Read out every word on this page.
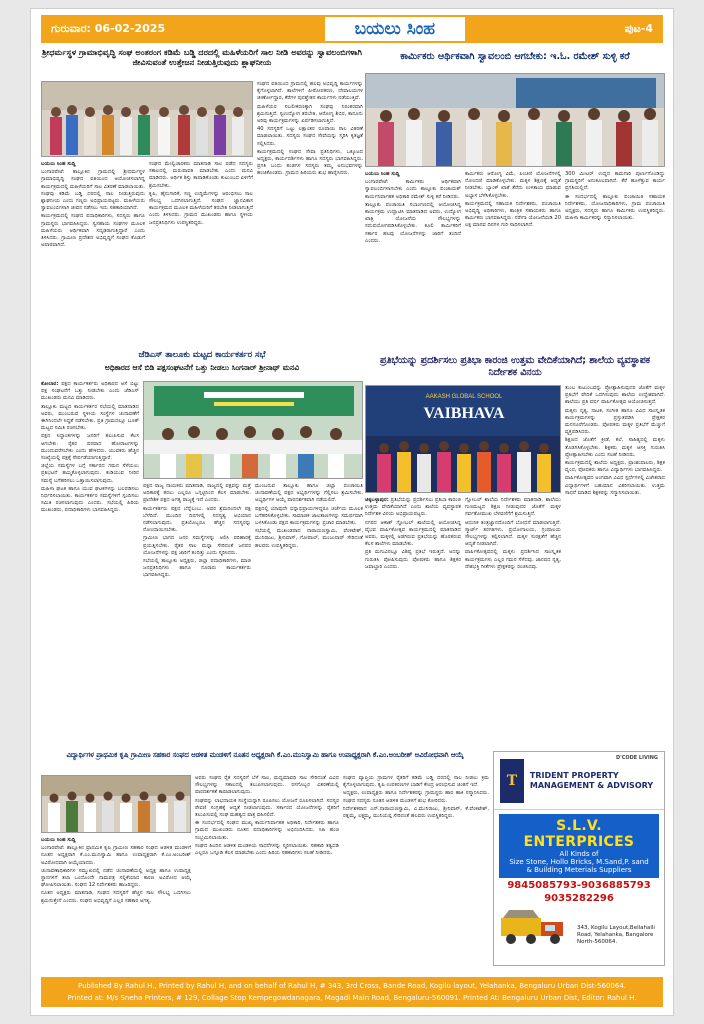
ಗುರುವಾರ: 06-02-2025	ಬಯಲು ಸಿಂಹ	ಪುಟ-4
ಶ್ರೀಧರ್ಮಸ್ಥಳ ಗ್ರಾಮಾಭಿವೃದ್ಧಿ ಸಂಘ ಅಂತರಂಗ ಕಡಿಮೆ ಬಡ್ಡಿ ದರದಲ್ಲಿ ಮಹಿಳೆಯರಿಗೆ ಸಾಲ ನೀಡಿ ಅವರನ್ನು ಸ್ವಾವಲಂಬಿಗಳಾಗಿ ಜೀವಿಸುವಂತೆ ಉತ್ತೇಜನ ನೀಡುತ್ತಿರುವುದು ಶ್ಲಾಘನೀಯ

ಬಯಲು ಸಿಂಹ ಸುದ್ದಿ

ಬಂಗಾರಪೇಟೆ: ತಾಲ್ಲೂಕಿನ ಗ್ರಾಮದಲ್ಲಿ ಶ್ರೀಧರ್ಮಸ್ಥಳ ಗ್ರಾಮಾಭಿವೃದ್ಧಿ ಸಂಘದ ವತಿಯಿಂದ ಆಯೋಜಿಸಲಾಗಿದ್ದ ಕಾರ್ಯಕ್ರಮದಲ್ಲಿ ಮಹಿಳೆಯರಿಗೆ ಸಾಲ ವಿತರಣೆ ಮಾಡಲಾಯಿತು. ಸಂಘವು ಕಡಿಮೆ ಬಡ್ಡಿ ದರದಲ್ಲಿ ಸಾಲ ನೀಡುತ್ತಿರುವುದು ಶ್ಲಾಘನೀಯ ಎಂದು ಗಣ್ಯರು ಅಭಿಪ್ರಾಯಪಟ್ಟರು. ಮಹಿಳೆಯರು ಸ್ವಾವಲಂಬಿಗಳಾಗಿ ಜೀವನ ನಡೆಸಲು ಇದು ಸಹಕಾರಿಯಾಗಿದೆ.

ಕಾರ್ಯಕ್ರಮದಲ್ಲಿ ಸಂಘದ ಪದಾಧಿಕಾರಿಗಳು, ಸದಸ್ಯರು ಹಾಗೂ ಗ್ರಾಮಸ್ಥರು ಭಾಗವಹಿಸಿದ್ದರು. ಸ್ವಸಹಾಯ ಸಂಘಗಳ ಮೂಲಕ ಮಹಿಳೆಯರು ಆರ್ಥಿಕವಾಗಿ ಸದೃಢರಾಗುತ್ತಿದ್ದಾರೆ ಎಂದು ತಿಳಿಸಿದರು. ಗ್ರಾಮೀಣ ಪ್ರದೇಶದ ಅಭಿವೃದ್ಧಿಗೆ ಸಂಘದ ಕೊಡುಗೆ ಅಪಾರವಾಗಿದೆ.

ಸಂಘದ ಮೇಲ್ವಿಚಾರಕರು ಮಾತನಾಡಿ ಸಾಲ ಪಡೆದ ಸದಸ್ಯರು ಸಕಾಲದಲ್ಲಿ ಮರುಪಾವತಿ ಮಾಡಬೇಕು ಎಂದು ಮನವಿ ಮಾಡಿದರು. ಆರ್ಥಿಕ ಶಿಸ್ತು ಕಾಪಾಡಿಕೊಂಡು ಕುಟುಂಬದ ಏಳಿಗೆಗೆ ಶ್ರಮಿಸಬೇಕು.

ಕೃಷಿ, ಹೈನುಗಾರಿಕೆ, ಸಣ್ಣ ಉದ್ದಿಮೆಗಳನ್ನು ಆರಂಭಿಸಲು ಸಾಲ ಸೌಲಭ್ಯ ಒದಗಿಸಲಾಗುತ್ತಿದೆ. ಸಂಘದ ಜ್ಞಾನವಿಕಾಸ ಕಾರ್ಯಕ್ರಮದ ಮೂಲಕ ಮಹಿಳೆಯರಿಗೆ ತರಬೇತಿ ನೀಡಲಾಗುತ್ತಿದೆ ಎಂದು ತಿಳಿಸಿದರು. ಗ್ರಾಮದ ಮುಖಂಡರು ಹಾಗೂ ಸ್ಥಳೀಯ ಜನಪ್ರತಿನಿಧಿಗಳು ಉಪಸ್ಥಿತರಿದ್ದರು.

ಸಂಘದ ವತಿಯಿಂದ ಗ್ರಾಮದಲ್ಲಿ ಹಲವು ಅಭಿವೃದ್ಧಿ ಕಾರ್ಯಗಳನ್ನು ಕೈಗೊಳ್ಳಲಾಗಿದೆ. ಶಾಲೆಗಳಿಗೆ ಪೀಠೋಪಕರಣ, ದೇವಾಲಯಗಳ ಜೀರ್ಣೋದ್ಧಾರ, ಕೆರೆಗಳ ಪುನಶ್ಚೇತನ ಕಾರ್ಯಗಳು ನಡೆಯುತ್ತಿವೆ.

ಮಹಿಳೆಯರ ಸಬಲೀಕರಣಕ್ಕಾಗಿ ಸಂಘವು ನಿರಂತರವಾಗಿ ಶ್ರಮಿಸುತ್ತಿದೆ. ಸ್ವಉದ್ಯೋಗ ತರಬೇತಿ, ಆರೋಗ್ಯ ಶಿಬಿರ, ಕಾನೂನು ಅರಿವು ಕಾರ್ಯಕ್ರಮಗಳನ್ನು ಏರ್ಪಡಿಸಲಾಗುತ್ತಿದೆ.

40 ಸದಸ್ಯರಿಗೆ ಒಟ್ಟು ಲಕ್ಷಾಂತರ ರೂಪಾಯಿ ಸಾಲ ವಿತರಣೆ ಮಾಡಲಾಯಿತು. ಸದಸ್ಯರು ಸಂಘದ ಸೇವೆಯನ್ನು ಸ್ಮರಿಸಿ ಕೃತಜ್ಞತೆ ಸಲ್ಲಿಸಿದರು.

ಕಾರ್ಯಕ್ರಮದಲ್ಲಿ ಸಂಘದ ಸೇವಾ ಪ್ರತಿನಿಧಿಗಳು, ಒಕ್ಕೂಟದ ಅಧ್ಯಕ್ಷರು, ಕಾರ್ಯದರ್ಶಿಗಳು ಹಾಗೂ ಸದಸ್ಯರು ಭಾಗವಹಿಸಿದ್ದರು. ಪ್ರಗತಿ ಬಂಧು ತಂಡಗಳ ಸದಸ್ಯರು ತಮ್ಮ ಅನುಭವಗಳನ್ನು ಹಂಚಿಕೊಂಡರು. ಗ್ರಾಮದ ಹಿರಿಯರು ಶುಭ ಹಾರೈಸಿದರು.

ಕಾರ್ಮಿಕರು ಆರ್ಥಿಕವಾಗಿ ಸ್ವಾವಲಂಬಿ ಆಗಬೇಕು: ಇ.ಓ. ರಮೇಶ್ ಸುಳ್ಳಿ ಕರೆ

ಬಯಲು ಸಿಂಹ ಸುದ್ದಿ

ಬಂಗಾರಪೇಟೆ: ಕಾರ್ಮಿಕರು ಆರ್ಥಿಕವಾಗಿ ಸ್ವಾವಲಂಬಿಗಳಾಗಬೇಕು ಎಂದು ತಾಲ್ಲೂಕು ಪಂಚಾಯತ್ ಕಾರ್ಯನಿರ್ವಾಹಕ ಅಧಿಕಾರಿ ರಮೇಶ್ ಸುಳ್ಳಿ ಕರೆ ನೀಡಿದರು.

ತಾಲ್ಲೂಕು ಪಂಚಾಯಿತಿ ಸಭಾಂಗಣದಲ್ಲಿ ಆಯೋಜಿಸಿದ್ದ ಕಾರ್ಯಕ್ರಮ ಉದ್ಘಾಟಿಸಿ ಮಾತನಾಡಿದ ಅವರು, ಉದ್ಯೋಗ ಖಾತ್ರಿ ಯೋಜನೆಯ ಸೌಲಭ್ಯಗಳನ್ನು ಸದುಪಯೋಗಪಡಿಸಿಕೊಳ್ಳಬೇಕು. ಕೂಲಿ ಕಾರ್ಮಿಕರಿಗೆ ಸರ್ಕಾರ ಹಲವು ಯೋಜನೆಗಳನ್ನು ಜಾರಿಗೆ ತಂದಿದೆ ಎಂದರು.

ಕಾರ್ಮಿಕರು ಆರೋಗ್ಯ ವಿಮೆ, ಪಿಂಚಣಿ ಯೋಜನೆಗಳಲ್ಲಿ ನೋಂದಣಿ ಮಾಡಿಕೊಳ್ಳಬೇಕು. ಮಕ್ಕಳ ಶಿಕ್ಷಣಕ್ಕೆ ಆದ್ಯತೆ ನೀಡಬೇಕು. ಬ್ಯಾಂಕ್ ಖಾತೆ ತೆರೆದು ಉಳಿತಾಯ ಮಾಡುವ ಅಭ್ಯಾಸ ಬೆಳೆಸಿಕೊಳ್ಳಬೇಕು.

ಕಾರ್ಯಕ್ರಮದಲ್ಲಿ ಸಹಾಯಕ ನಿರ್ದೇಶಕರು, ಪಂಚಾಯಿತಿ ಅಭಿವೃದ್ಧಿ ಅಧಿಕಾರಿಗಳು, ತಾಂತ್ರಿಕ ಸಹಾಯಕರು ಹಾಗೂ ಕಾರ್ಮಿಕರು ಭಾಗವಹಿಸಿದ್ದರು. ನರೇಗಾ ಯೋಜನೆಯಡಿ 20 ಲಕ್ಷ ಮಾನವ ದಿನಗಳ ಗುರಿ ಸಾಧಿಸಲಾಗಿದೆ.

300 ಮೀಟರ್ ಉದ್ದದ ಕಾಮಗಾರಿ ಪೂರ್ಣಗೊಂಡಿದ್ದು ಗ್ರಾಮಸ್ಥರಿಗೆ ಅನುಕೂಲವಾಗಿದೆ. ಕೆರೆ ಹೂಳೆತ್ತುವ ಕಾರ್ಯ ಪ್ರಗತಿಯಲ್ಲಿದೆ.

ಈ ಸಂದರ್ಭದಲ್ಲಿ ತಾಲ್ಲೂಕು ಪಂಚಾಯಿತಿ ಸಹಾಯಕ ನಿರ್ದೇಶಕರು, ಯೋಜನಾಧಿಕಾರಿಗಳು, ಗ್ರಾಮ ಪಂಚಾಯಿತಿ ಅಧ್ಯಕ್ಷರು, ಸದಸ್ಯರು ಹಾಗೂ ಕಾರ್ಮಿಕರು ಉಪಸ್ಥಿತರಿದ್ದರು. ಮಹಿಳಾ ಕಾರ್ಮಿಕರನ್ನು ಸನ್ಮಾನಿಸಲಾಯಿತು.

ಜೆಡಿಎಸ್ ತಾಲೂಕು ಮಟ್ಟದ ಕಾರ್ಯಕರ್ತರ ಸಭೆ
ಅಧಿಕಾರದ ಆಸೆ ಬಿಡಿ ಪಕ್ಷಸಂಘಟನೆಗೆ ಒತ್ತು ನೀಡಲು ಸಿಂಗನಾರ್ ಶ್ರೀನಾಥ್ ಮನವಿ

ಕೋಲಾರ: ಪಕ್ಷದ ಕಾರ್ಯಕರ್ತರು ಅಧಿಕಾರದ ಆಸೆ ಬಿಟ್ಟು ಪಕ್ಷ ಸಂಘಟನೆಗೆ ಒತ್ತು ನೀಡಬೇಕು ಎಂದು ಜೆಡಿಎಸ್ ಮುಖಂಡರು ಮನವಿ ಮಾಡಿದರು.

ತಾಲ್ಲೂಕು ಮಟ್ಟದ ಕಾರ್ಯಕರ್ತರ ಸಭೆಯಲ್ಲಿ ಮಾತನಾಡಿದ ಅವರು, ಮುಂಬರುವ ಸ್ಥಳೀಯ ಸಂಸ್ಥೆಗಳ ಚುನಾವಣೆಗೆ ಈಗಿನಿಂದಲೇ ಸಿದ್ಧತೆ ನಡೆಸಬೇಕು. ಪ್ರತಿ ಗ್ರಾಮದಲ್ಲೂ ಬೂತ್ ಮಟ್ಟದ ಸಮಿತಿ ರಚಿಸಬೇಕು.

ಪಕ್ಷದ ಸಿದ್ಧಾಂತಗಳನ್ನು ಜನರಿಗೆ ತಲುಪಿಸುವ ಕೆಲಸ ಆಗಬೇಕು. ರೈತರ ಪರವಾದ ಹೋರಾಟಗಳನ್ನು ಮುಂದುವರೆಸಬೇಕು ಎಂದು ಹೇಳಿದರು. ಯುವಕರು ಹೆಚ್ಚಿನ ಸಂಖ್ಯೆಯಲ್ಲಿ ಪಕ್ಷಕ್ಕೆ ಸೇರ್ಪಡೆಯಾಗುತ್ತಿದ್ದಾರೆ.

ಜಿಲ್ಲೆಯ ಸಮಸ್ಯೆಗಳ ಬಗ್ಗೆ ಸರ್ಕಾರದ ಗಮನ ಸೆಳೆಯಲು ಪ್ರತಿಭಟನೆ ಹಮ್ಮಿಕೊಳ್ಳಲಾಗುವುದು. ಕುಡಿಯುವ ನೀರಿನ ಸಮಸ್ಯೆ ಬಗೆಹರಿಸಲು ಒತ್ತಾಯಿಸಲಾಗುವುದು.

ಮಹಿಳಾ ಘಟಕ ಹಾಗೂ ಯುವ ಘಟಕಗಳನ್ನು ಬಲಪಡಿಸಲು ನಿರ್ಧರಿಸಲಾಯಿತು. ಕಾರ್ಯಕರ್ತರ ಸಮಸ್ಯೆಗಳಿಗೆ ಸ್ಪಂದಿಸಲು ಸಮಿತಿ ರಚಿಸಲಾಗುವುದು ಎಂದರು. ಸಭೆಯಲ್ಲಿ ಹಿರಿಯ ಮುಖಂಡರು, ಪದಾಧಿಕಾರಿಗಳು ಭಾಗವಹಿಸಿದ್ದರು.

ಪಕ್ಷದ ರಾಜ್ಯ ನಾಯಕರು ಮಾತನಾಡಿ, ರಾಜ್ಯದಲ್ಲಿ ಪಕ್ಷವನ್ನು ಮತ್ತೆ ಅಧಿಕಾರಕ್ಕೆ ತರಲು ಎಲ್ಲರೂ ಒಗ್ಗಟ್ಟಿನಿಂದ ಕೆಲಸ ಮಾಡಬೇಕು. ಪ್ರಾದೇಶಿಕ ಪಕ್ಷದ ಅಗತ್ಯ ರಾಜ್ಯಕ್ಕೆ ಇದೆ ಎಂದರು.

ಕಾರ್ಯಕರ್ತರು ಪಕ್ಷದ ಬೆನ್ನೆಲುಬು. ಅವರ ಶ್ರಮದಿಂದಲೇ ಪಕ್ಷ ಬೆಳೆದಿದೆ. ಮುಂದಿನ ದಿನಗಳಲ್ಲಿ ಸದಸ್ಯತ್ವ ಅಭಿಯಾನ ನಡೆಸಲಾಗುವುದು. ಪ್ರತಿಯೊಬ್ಬರೂ ಹೆಚ್ಚಿನ ಸದಸ್ಯರನ್ನು ನೋಂದಾಯಿಸಬೇಕು.

ಗ್ರಾಮೀಣ ಭಾಗದ ಜನರ ಸಮಸ್ಯೆಗಳನ್ನು ಆಲಿಸಿ ಪರಿಹಾರಕ್ಕೆ ಪ್ರಯತ್ನಿಸಬೇಕು. ರೈತರ ಸಾಲ ಮನ್ನಾ ಸೇರಿದಂತೆ ಜನಪರ ಯೋಜನೆಗಳನ್ನು ಪಕ್ಷ ಜಾರಿಗೆ ತಂದಿತ್ತು ಎಂದು ಸ್ಮರಿಸಿದರು.

ಸಭೆಯಲ್ಲಿ ತಾಲ್ಲೂಕು ಅಧ್ಯಕ್ಷರು, ಜಿಲ್ಲಾ ಪದಾಧಿಕಾರಿಗಳು, ಮಾಜಿ ಜನಪ್ರತಿನಿಧಿಗಳು ಹಾಗೂ ನೂರಾರು ಕಾರ್ಯಕರ್ತರು ಭಾಗವಹಿಸಿದ್ದರು.

ಮುಂಬರುವ ತಾಲ್ಲೂಕು ಹಾಗೂ ಜಿಲ್ಲಾ ಪಂಚಾಯಿತಿ ಚುನಾವಣೆಯಲ್ಲಿ ಪಕ್ಷದ ಅಭ್ಯರ್ಥಿಗಳನ್ನು ಗೆಲ್ಲಿಸಲು ಶ್ರಮಿಸಬೇಕು. ಅಭ್ಯರ್ಥಿಗಳ ಆಯ್ಕೆ ಪಾರದರ್ಶಕವಾಗಿ ನಡೆಯಲಿದೆ.

ಪಕ್ಷದಲ್ಲಿ ಯಾವುದೇ ಭಿನ್ನಾಭಿಪ್ರಾಯಗಳಿದ್ದರೂ ಚರ್ಚೆಯ ಮೂಲಕ ಬಗೆಹರಿಸಿಕೊಳ್ಳಬೇಕು. ಸಾಮಾಜಿಕ ಜಾಲತಾಣಗಳನ್ನು ಸಮರ್ಥವಾಗಿ ಬಳಸಿಕೊಂಡು ಪಕ್ಷದ ಕಾರ್ಯಕ್ರಮಗಳನ್ನು ಪ್ರಚಾರ ಮಾಡಬೇಕು.

ಸಭೆಯಲ್ಲಿ ಮುಖಂಡರಾದ ನಾರಾಯಣಸ್ವಾಮಿ, ವೆಂಕಟೇಶ್, ಮುನಿರಾಜು, ಶ್ರೀನಿವಾಸ್, ಗೋಪಾಲ್, ಮಂಜುನಾಥ್ ಸೇರಿದಂತೆ ಹಲವರು ಉಪಸ್ಥಿತರಿದ್ದರು.

ಪ್ರತಿಭೆಯನ್ನು ಪ್ರದರ್ಶಿಸಲು ಪ್ರತಿಭಾ ಕಾರಂಜಿ ಉತ್ತಮ ವೇದಿಕೆಯಾಗಿದೆ; ಶಾಲೆಯ ವ್ಯವಸ್ಥಾಪಕ ನಿರ್ದೇಶಕ ವಿನಯ
AAKASH GLOBAL SCHOOL
VAIBHAVA

ತುಂಬ ಕುಟುಂಬವನ್ನು ಪ್ರೋತ್ಸಾಹಿಸುವುದರ ಜೊತೆಗೆ ಮಕ್ಕಳ ಪ್ರತಿಭೆಗೆ ವೇದಿಕೆ ಒದಗಿಸುವುದು ಶಾಲೆಯ ಉದ್ದೇಶವಾಗಿದೆ. ಶಾಲೆಯು ಪ್ರತಿ ವರ್ಷ ವಾರ್ಷಿಕೋತ್ಸವ ಆಯೋಜಿಸುತ್ತದೆ.

ಮಕ್ಕಳು ನೃತ್ಯ, ನಾಟಕ, ಸಂಗೀತ ಹಾಗೂ ವಿವಿಧ ಸಾಂಸ್ಕೃತಿಕ ಕಾರ್ಯಕ್ರಮಗಳನ್ನು ಪ್ರಸ್ತುತಪಡಿಸಿ ಪ್ರೇಕ್ಷಕರ ಮನಸೂರೆಗೊಂಡರು. ಪೋಷಕರು ಮಕ್ಕಳ ಪ್ರತಿಭೆಗೆ ಮೆಚ್ಚುಗೆ ವ್ಯಕ್ತಪಡಿಸಿದರು.

ಶಿಕ್ಷಣದ ಜೊತೆಗೆ ಕ್ರೀಡೆ, ಕಲೆ, ಸಾಹಿತ್ಯದಲ್ಲಿ ಮಕ್ಕಳು ತೊಡಗಿಸಿಕೊಳ್ಳಬೇಕು. ಶಿಕ್ಷಕರು ಮಕ್ಕಳ ಆಸಕ್ತಿ ಗುರುತಿಸಿ ಪ್ರೋತ್ಸಾಹಿಸಬೇಕು ಎಂದು ಸಲಹೆ ನೀಡಿದರು.

ಕಾರ್ಯಕ್ರಮದಲ್ಲಿ ಶಾಲೆಯ ಅಧ್ಯಕ್ಷರು, ಪ್ರಾಂಶುಪಾಲರು, ಶಿಕ್ಷಕ ವೃಂದ, ಪೋಷಕರು ಹಾಗೂ ವಿದ್ಯಾರ್ಥಿಗಳು ಭಾಗವಹಿಸಿದ್ದರು.

ವಾರ್ಷಿಕೋತ್ಸವದ ಅಂಗವಾಗಿ ವಿವಿಧ ಸ್ಪರ್ಧೆಗಳಲ್ಲಿ ವಿಜೇತರಾದ ವಿದ್ಯಾರ್ಥಿಗಳಿಗೆ ಬಹುಮಾನ ವಿತರಿಸಲಾಯಿತು. ಉತ್ತಮ ಸಾಧನೆ ಮಾಡಿದ ಶಿಕ್ಷಕರನ್ನು ಸನ್ಮಾನಿಸಲಾಯಿತು.

ಚಿಕ್ಕಬಳ್ಳಾಪುರ: ಪ್ರತಿಭೆಯನ್ನು ಪ್ರದರ್ಶಿಸಲು ಪ್ರತಿಭಾ ಕಾರಂಜಿ ಉತ್ತಮ ವೇದಿಕೆಯಾಗಿದೆ ಎಂದು ಶಾಲೆಯ ವ್ಯವಸ್ಥಾಪಕ ನಿರ್ದೇಶಕ ವಿನಯ ಅಭಿಪ್ರಾಯಪಟ್ಟರು.

ನಗರದ ಆಕಾಶ್ ಗ್ಲೋಬಲ್ ಶಾಲೆಯಲ್ಲಿ ಆಯೋಜಿಸಿದ್ದ ವೈಭವ ವಾರ್ಷಿಕೋತ್ಸವ ಕಾರ್ಯಕ್ರಮದಲ್ಲಿ ಮಾತನಾಡಿದ ಅವರು, ಮಕ್ಕಳಲ್ಲಿ ಅಡಗಿರುವ ಪ್ರತಿಭೆಯನ್ನು ಹೊರತರುವ ಕೆಲಸ ಶಾಲೆಗಳು ಮಾಡಬೇಕು.

ಪ್ರತಿ ಮಗುವಿನಲ್ಲೂ ವಿಶಿಷ್ಟ ಪ್ರತಿಭೆ ಇರುತ್ತದೆ. ಅದನ್ನು ಗುರುತಿಸಿ ಪೋಷಿಸುವುದು ಪೋಷಕರು ಹಾಗೂ ಶಿಕ್ಷಕರ ಜವಾಬ್ದಾರಿ ಎಂದರು.

ಗ್ಲೋಬಲ್ ಶಾಲೆಯ ನಿರ್ದೇಶಕರು ಮಾತನಾಡಿ, ಶಾಲೆಯು ಗುಣಮಟ್ಟದ ಶಿಕ್ಷಣ ನೀಡುವುದರ ಜೊತೆಗೆ ಮಕ್ಕಳ ಸರ್ವತೋಮುಖ ಬೆಳವಣಿಗೆಗೆ ಶ್ರಮಿಸುತ್ತಿದೆ.

ಆಧುನಿಕ ತಂತ್ರಜ್ಞಾನದೊಂದಿಗೆ ಬೋಧನೆ ಮಾಡಲಾಗುತ್ತಿದೆ. ಸ್ಮಾರ್ಟ್ ತರಗತಿಗಳು, ಪ್ರಯೋಗಾಲಯ, ಗ್ರಂಥಾಲಯ ಸೌಲಭ್ಯಗಳನ್ನು ಕಲ್ಪಿಸಲಾಗಿದೆ. ಮಕ್ಕಳ ಸುರಕ್ಷತೆಗೆ ಹೆಚ್ಚಿನ ಆದ್ಯತೆ ನೀಡಲಾಗಿದೆ.

ವಾರ್ಷಿಕೋತ್ಸವದಲ್ಲಿ ಮಕ್ಕಳು ಪ್ರದರ್ಶಿಸಿದ ಸಾಂಸ್ಕೃತಿಕ ಕಾರ್ಯಕ್ರಮಗಳು ಎಲ್ಲರ ಗಮನ ಸೆಳೆದವು. ಜಾನಪದ ನೃತ್ಯ, ದೇಶಭಕ್ತಿ ಗೀತೆಗಳು ಪ್ರೇಕ್ಷಕರನ್ನು ರಂಜಿಸಿದವು.

ವಿದ್ಯಾರ್ಥಿಗಳ ಪ್ರಾಥಮಿಕ ಕೃಷಿ ಗ್ರಾಮೀಣ ಸಹಕಾರ ಸಂಘದ ಆಡಳಿತ ಮಂಡಳಿಗೆ ನೂತನ ಅಧ್ಯಕ್ಷರಾಗಿ ಕೆ.ಎಂ.ಮುನಿಸ್ವಾಮಿ ಹಾಗೂ ಉಪಾಧ್ಯಕ್ಷರಾಗಿ ಕೆ.ಎಂ.ಅಂಬರೀಶ್ ಅವಿರೋಧವಾಗಿ ಆಯ್ಕೆ

ಬಯಲು ಸಿಂಹ ಸುದ್ದಿ

ಬಂಗಾರಪೇಟೆ: ತಾಲ್ಲೂಕಿನ ಪ್ರಾಥಮಿಕ ಕೃಷಿ ಗ್ರಾಮೀಣ ಸಹಕಾರ ಸಂಘದ ಆಡಳಿತ ಮಂಡಳಿಗೆ ನೂತನ ಅಧ್ಯಕ್ಷರಾಗಿ ಕೆ.ಎಂ.ಮುನಿಸ್ವಾಮಿ ಹಾಗೂ ಉಪಾಧ್ಯಕ್ಷರಾಗಿ ಕೆ.ಎಂ.ಅಂಬರೀಶ್ ಅವಿರೋಧವಾಗಿ ಆಯ್ಕೆಯಾದರು.

ಚುನಾವಣಾಧಿಕಾರಿಗಳ ಸಮ್ಮುಖದಲ್ಲಿ ನಡೆದ ಚುನಾವಣೆಯಲ್ಲಿ ಅಧ್ಯಕ್ಷ ಹಾಗೂ ಉಪಾಧ್ಯಕ್ಷ ಸ್ಥಾನಗಳಿಗೆ ತಲಾ ಒಂದೊಂದೇ ನಾಮಪತ್ರ ಸಲ್ಲಿಕೆಯಾದ ಕಾರಣ ಅವಿರೋಧ ಆಯ್ಕೆ ಘೋಷಿಸಲಾಯಿತು. ಸಂಘದ 12 ನಿರ್ದೇಶಕರು ಹಾಜರಿದ್ದರು.

ನೂತನ ಅಧ್ಯಕ್ಷರು ಮಾತನಾಡಿ, ಸಂಘದ ಸದಸ್ಯರಿಗೆ ಹೆಚ್ಚಿನ ಸಾಲ ಸೌಲಭ್ಯ ಒದಗಿಸಲು ಶ್ರಮಿಸುತ್ತೇನೆ ಎಂದರು. ಸಂಘದ ಅಭಿವೃದ್ಧಿಗೆ ಎಲ್ಲರ ಸಹಕಾರ ಅಗತ್ಯ.

ಅವರು ಸಂಘದ ರೈತ ಸದಸ್ಯರಿಗೆ ಬೆಳೆ ಸಾಲ, ಮಧ್ಯಮಾವಧಿ ಸಾಲ ಸೇರಿದಂತೆ ವಿವಿಧ ಸೌಲಭ್ಯಗಳನ್ನು ಸಕಾಲದಲ್ಲಿ ತಲುಪಿಸಲಾಗುವುದು. ರಸಗೊಬ್ಬರ ವಿತರಣೆಯಲ್ಲಿ ಪಾರದರ್ಶಕತೆ ಕಾಪಾಡಲಾಗುವುದು.

ಸಂಘವನ್ನು ಲಾಭದಾಯಕ ಸಂಸ್ಥೆಯನ್ನಾಗಿ ರೂಪಿಸಲು ಯೋಜನೆ ರೂಪಿಸಲಾಗಿದೆ. ಸದಸ್ಯರ ಠೇವಣಿ ಸಂಗ್ರಹಕ್ಕೆ ಆದ್ಯತೆ ನೀಡಲಾಗುವುದು. ಸರ್ಕಾರದ ಯೋಜನೆಗಳನ್ನು ರೈತರಿಗೆ ತಲುಪಿಸುವಲ್ಲಿ ಸಂಘ ಮಹತ್ವದ ಪಾತ್ರ ವಹಿಸಲಿದೆ.

ಈ ಸಂದರ್ಭದಲ್ಲಿ ಸಂಘದ ಮುಖ್ಯ ಕಾರ್ಯನಿರ್ವಾಹಕ ಅಧಿಕಾರಿ, ನಿರ್ದೇಶಕರು ಹಾಗೂ ಗ್ರಾಮದ ಮುಖಂಡರು ನೂತನ ಪದಾಧಿಕಾರಿಗಳನ್ನು ಅಭಿನಂದಿಸಿದರು. ಸಿಹಿ ಹಂಚಿ ಸಂಭ್ರಮಿಸಲಾಯಿತು.

ಸಂಘದ ಹಿಂದಿನ ಆಡಳಿತ ಮಂಡಳಿಯ ಸಾಧನೆಗಳನ್ನು ಸ್ಮರಿಸಲಾಯಿತು. ಸಹಕಾರಿ ತತ್ವದಡಿ ಎಲ್ಲರೂ ಒಗ್ಗೂಡಿ ಕೆಲಸ ಮಾಡಬೇಕು ಎಂದು ಹಿರಿಯ ಸಹಕಾರಿಗಳು ಸಲಹೆ ನೀಡಿದರು.

ಸಂಘದ ವ್ಯಾಪ್ತಿಯ ಗ್ರಾಮಗಳ ರೈತರಿಗೆ ಕಡಿಮೆ ಬಡ್ಡಿ ದರದಲ್ಲಿ ಸಾಲ ನೀಡಲು ಕ್ರಮ ಕೈಗೊಳ್ಳಲಾಗುವುದು. ಕೃಷಿ ಉಪಕರಣಗಳ ಬಾಡಿಗೆ ಕೇಂದ್ರ ಆರಂಭಿಸುವ ಚಿಂತನೆ ಇದೆ.

ಅಧ್ಯಕ್ಷರು, ಉಪಾಧ್ಯಕ್ಷರು ಹಾಗೂ ನಿರ್ದೇಶಕರನ್ನು ಗ್ರಾಮಸ್ಥರು ಹಾರ ಹಾಕಿ ಸನ್ಮಾನಿಸಿದರು. ಸಂಘದ ಸದಸ್ಯರು ನೂತನ ಆಡಳಿತ ಮಂಡಳಿಗೆ ಶುಭ ಕೋರಿದರು.

ನಿರ್ದೇಶಕರಾದ ಎನ್.ನಾರಾಯಣಸ್ವಾಮಿ, ವಿ.ಮುನಿರಾಜು, ಶ್ರೀನಿವಾಸ್, ಕೆ.ವೆಂಕಟೇಶ್, ರತ್ನಮ್ಮ, ಲಕ್ಷ್ಮಮ್ಮ, ಮುನಿಯಪ್ಪ ಸೇರಿದಂತೆ ಹಲವರು ಉಪಸ್ಥಿತರಿದ್ದರು.

T
D'CODE LIVING
TRIDENT PROPERTY MANAGEMENT & ADVISORY
S.L.V. ENTERPRICES
All Kinds of
Size Stone, Hollo Bricks, M.Sand,P. sand
& Building Meterials Suppliers
9845085793-9036885793
9035282296
343, Kogilu Layout,Bellahalli Road, Yelahanka, Bangalore North-560064.
Published By Rahul H., Printed by Rahul H, and on behalf of Rahul H, # 343, 3rd Cross, Bande Road, Kogilu layout, Yelahanka, Bengaluru Urban Dist-560064.
Printed at: M/s Sneha Printers, # 129, Collage Stop Kempegowdanagara, Magadi Main Road, Bengaluru-560091. Printed At: Bengaluru Urban Dist, Editor: Rahul H.
